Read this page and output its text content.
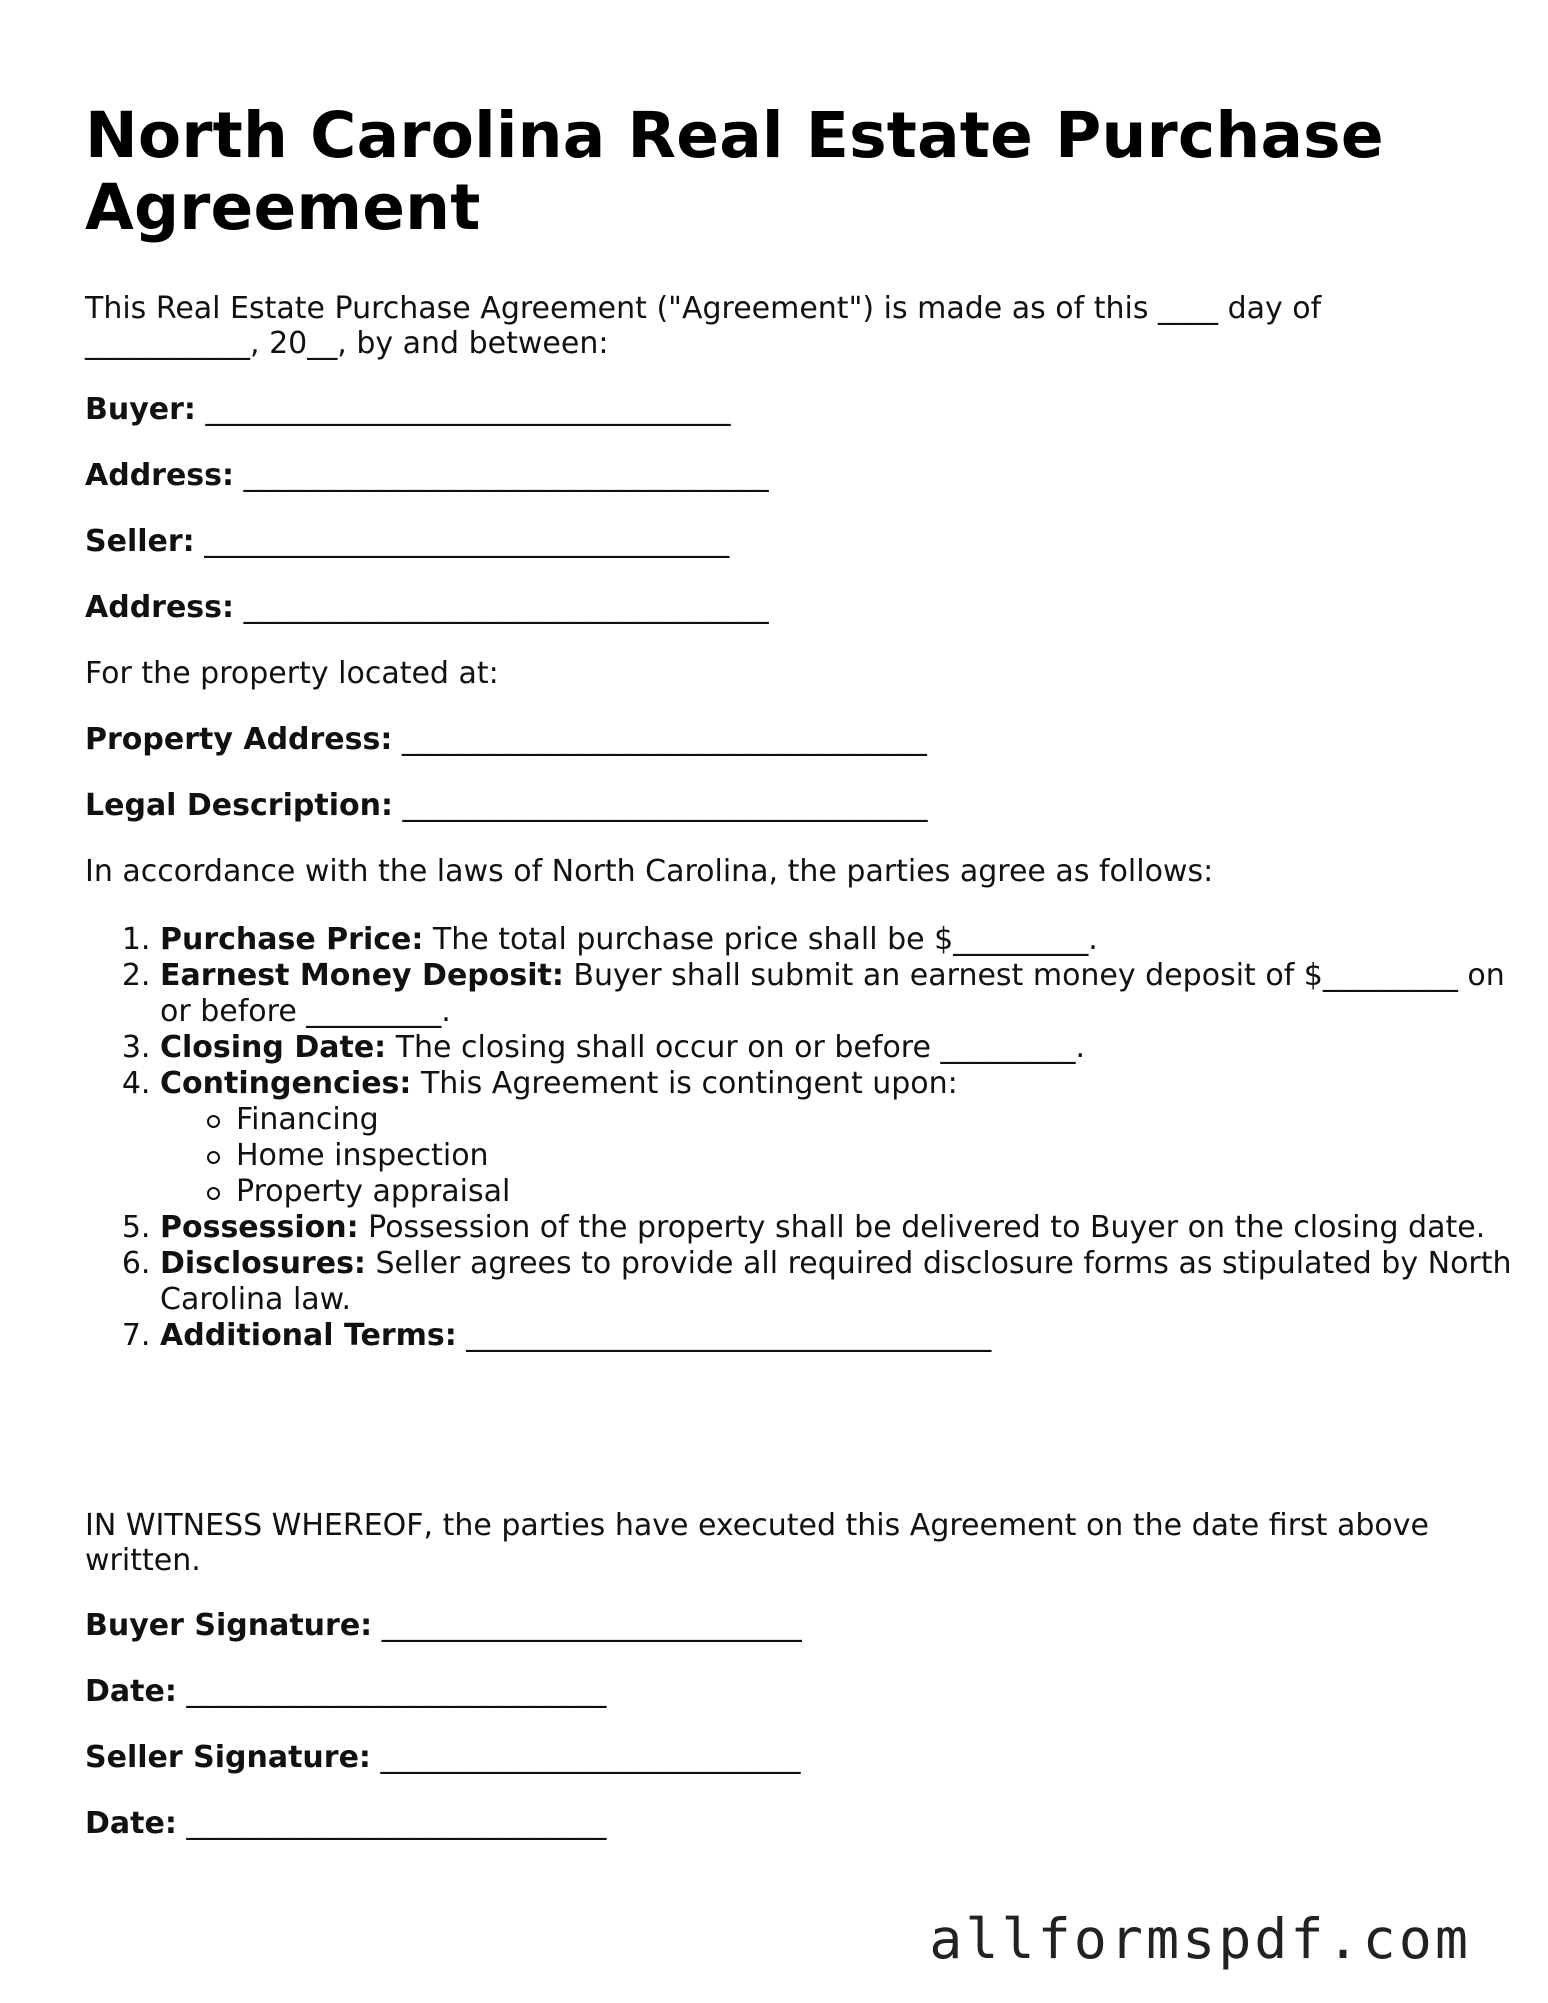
North Carolina Real Estate Purchase Agreement

This Real Estate Purchase Agreement ("Agreement") is made as of this ____ day of ___________, 20__, by and between:

Buyer: ___________________________________
Address: ___________________________________
Seller: ___________________________________
Address: ___________________________________
For the property located at:
Property Address: ___________________________________
Legal Description: ___________________________________
In accordance with the laws of North Carolina, the parties agree as follows:
1. Purchase Price: The total purchase price shall be $_________.
2. Earnest Money Deposit: Buyer shall submit an earnest money deposit of $_________ on or before _________.
3. Closing Date: The closing shall occur on or before _________.
4. Contingencies: This Agreement is contingent upon:
Financing
Home inspection
Property appraisal
5. Possession: Possession of the property shall be delivered to Buyer on the closing date.
6. Disclosures: Seller agrees to provide all required disclosure forms as stipulated by North Carolina law.
7. Additional Terms: ___________________________________

IN WITNESS WHEREOF, the parties have executed this Agreement on the date first above written.

Buyer Signature: ____________________________
Date: ____________________________
Seller Signature: ____________________________
Date: ____________________________
allformspdf.com
